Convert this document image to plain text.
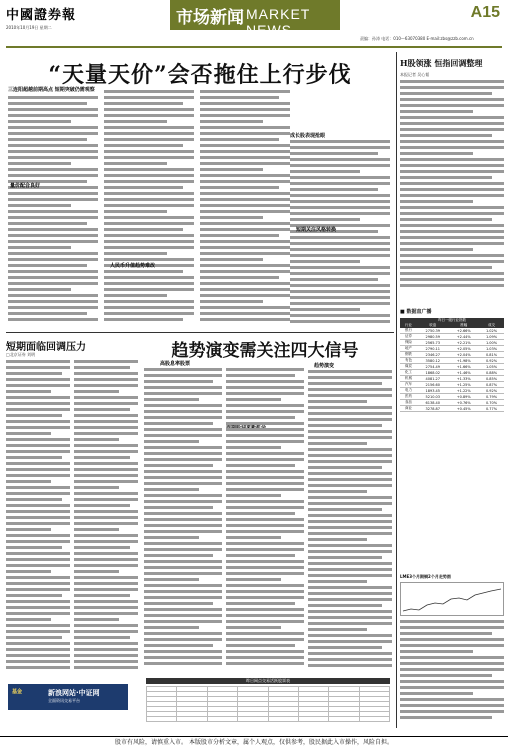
中國證券報
2010年10月19日 星期二	市场新闻 MARKET NEWS
A15
责编：孙涛 电话：010—63070380 E-mail:zbs@zzb.com.cn
“天量天价”会否拖住上行步伐
三连阳超越前期高点 短期突破仍需观察
量价配合良好
人民币升值趋势难改
成长股表现抢眼
短期关注风格转换
H股领涨 恒指回调整理
本报记者 吴心韬
■ 数据直广播
昨日一级行业指数			
行业	收盘	涨幅	成交
银行	2750.39	+2.66%	1.02%
证券	2980.59	+2.44%	1.09%
保险	2565.73	+2.21%	1.00%
地产	2790.11	+2.05%	1.03%
钢铁	2346.27	+2.04%	0.81%
有色	3580.12	+1.98%	0.92%
煤炭	2754.49	+1.66%	1.05%
化工	1868.02	+1.46%	0.88%
机械	4081.27	+1.33%	0.85%
汽车	2156.60	+1.25%	0.87%
电力	1893.45	+1.22%	0.92%
医药	5210.03	+0.89%	0.79%
食品	6138.40	+0.76%	0.70%
商业	3278.87	+0.45%	0.77%
LME3个月期铜2个月走势图
短期面临回调压力
□北京证券 刘明	趋势演变需关注四大信号
高股息率股票	趋势演变
基金	新浪网站·中证网
全面资讯交易平台
昨日网点交易活跃股票表

股市有风险，请慎重入市。 本版股市分析文章，属个人观点，仅供参考，股民据此入市操作，风险自担。
